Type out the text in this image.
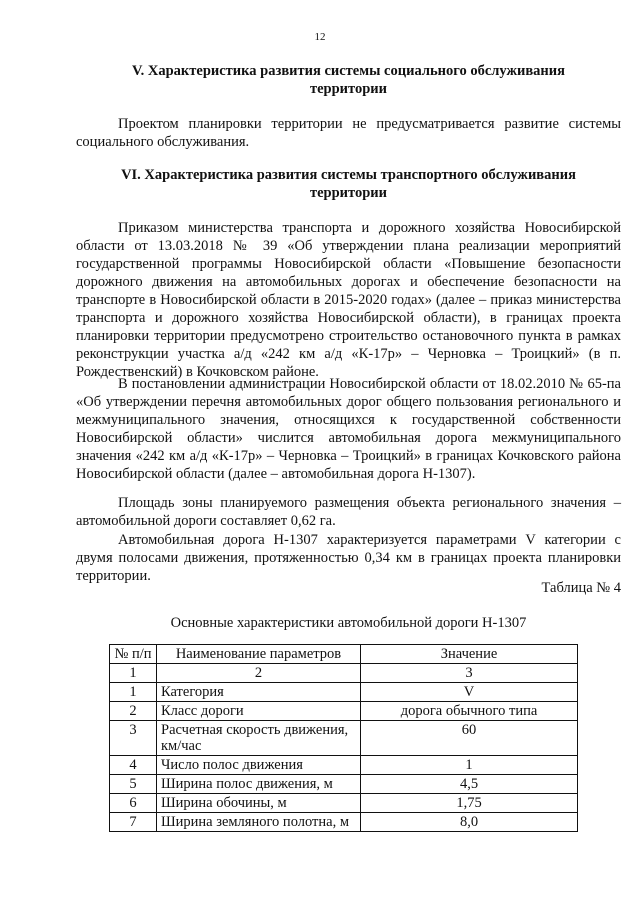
12
V. Характеристика развития системы социального обслуживания
территории

Проектом планировки территории не предусматривается развитие системы социального обслуживания.

VI. Характеристика развития системы транспортного обслуживания
территории

Приказом министерства транспорта и дорожного хозяйства Новосибирской области от 13.03.2018 № 39 «Об утверждении плана реализации мероприятий государственной программы Новосибирской области «Повышение безопасности дорожного движения на автомобильных дорогах и обеспечение безопасности на транспорте в Новосибирской области в 2015-2020 годах» (далее – приказ министерства транспорта и дорожного хозяйства Новосибирской области), в границах проекта планировки территории предусмотрено строительство остановочного пункта в рамках реконструкции участка а/д «242 км а/д «К-17р» – Черновка – Троицкий» (в п. Рождественский) в Кочковском районе.

В постановлении администрации Новосибирской области от 18.02.2010 № 65-па «Об утверждении перечня автомобильных дорог общего пользования регионального и межмуниципального значения, относящихся к государственной собственности Новосибирской области» числится автомобильная дорога межмуниципального значения «242 км а/д «К-17р» – Черновка – Троицкий» в границах Кочковского района Новосибирской области (далее – автомобильная дорога Н-1307).

Площадь зоны планируемого размещения объекта регионального значения – автомобильной дороги составляет 0,62 га.

Автомобильная дорога Н-1307 характеризуется параметрами V категории с двумя полосами движения, протяженностью 0,34 км в границах проекта планировки территории.

Таблица № 4
Основные характеристики автомобильной дороги Н-1307
№ п/п	Наименование параметров	Значение
1	2	3
1	Категория	V
2	Класс дороги	дорога обычного типа
3	Расчетная скорость движения, км/час	60
4	Число полос движения	1
5	Ширина полос движения, м	4,5
6	Ширина обочины, м	1,75
7	Ширина земляного полотна, м	8,0
